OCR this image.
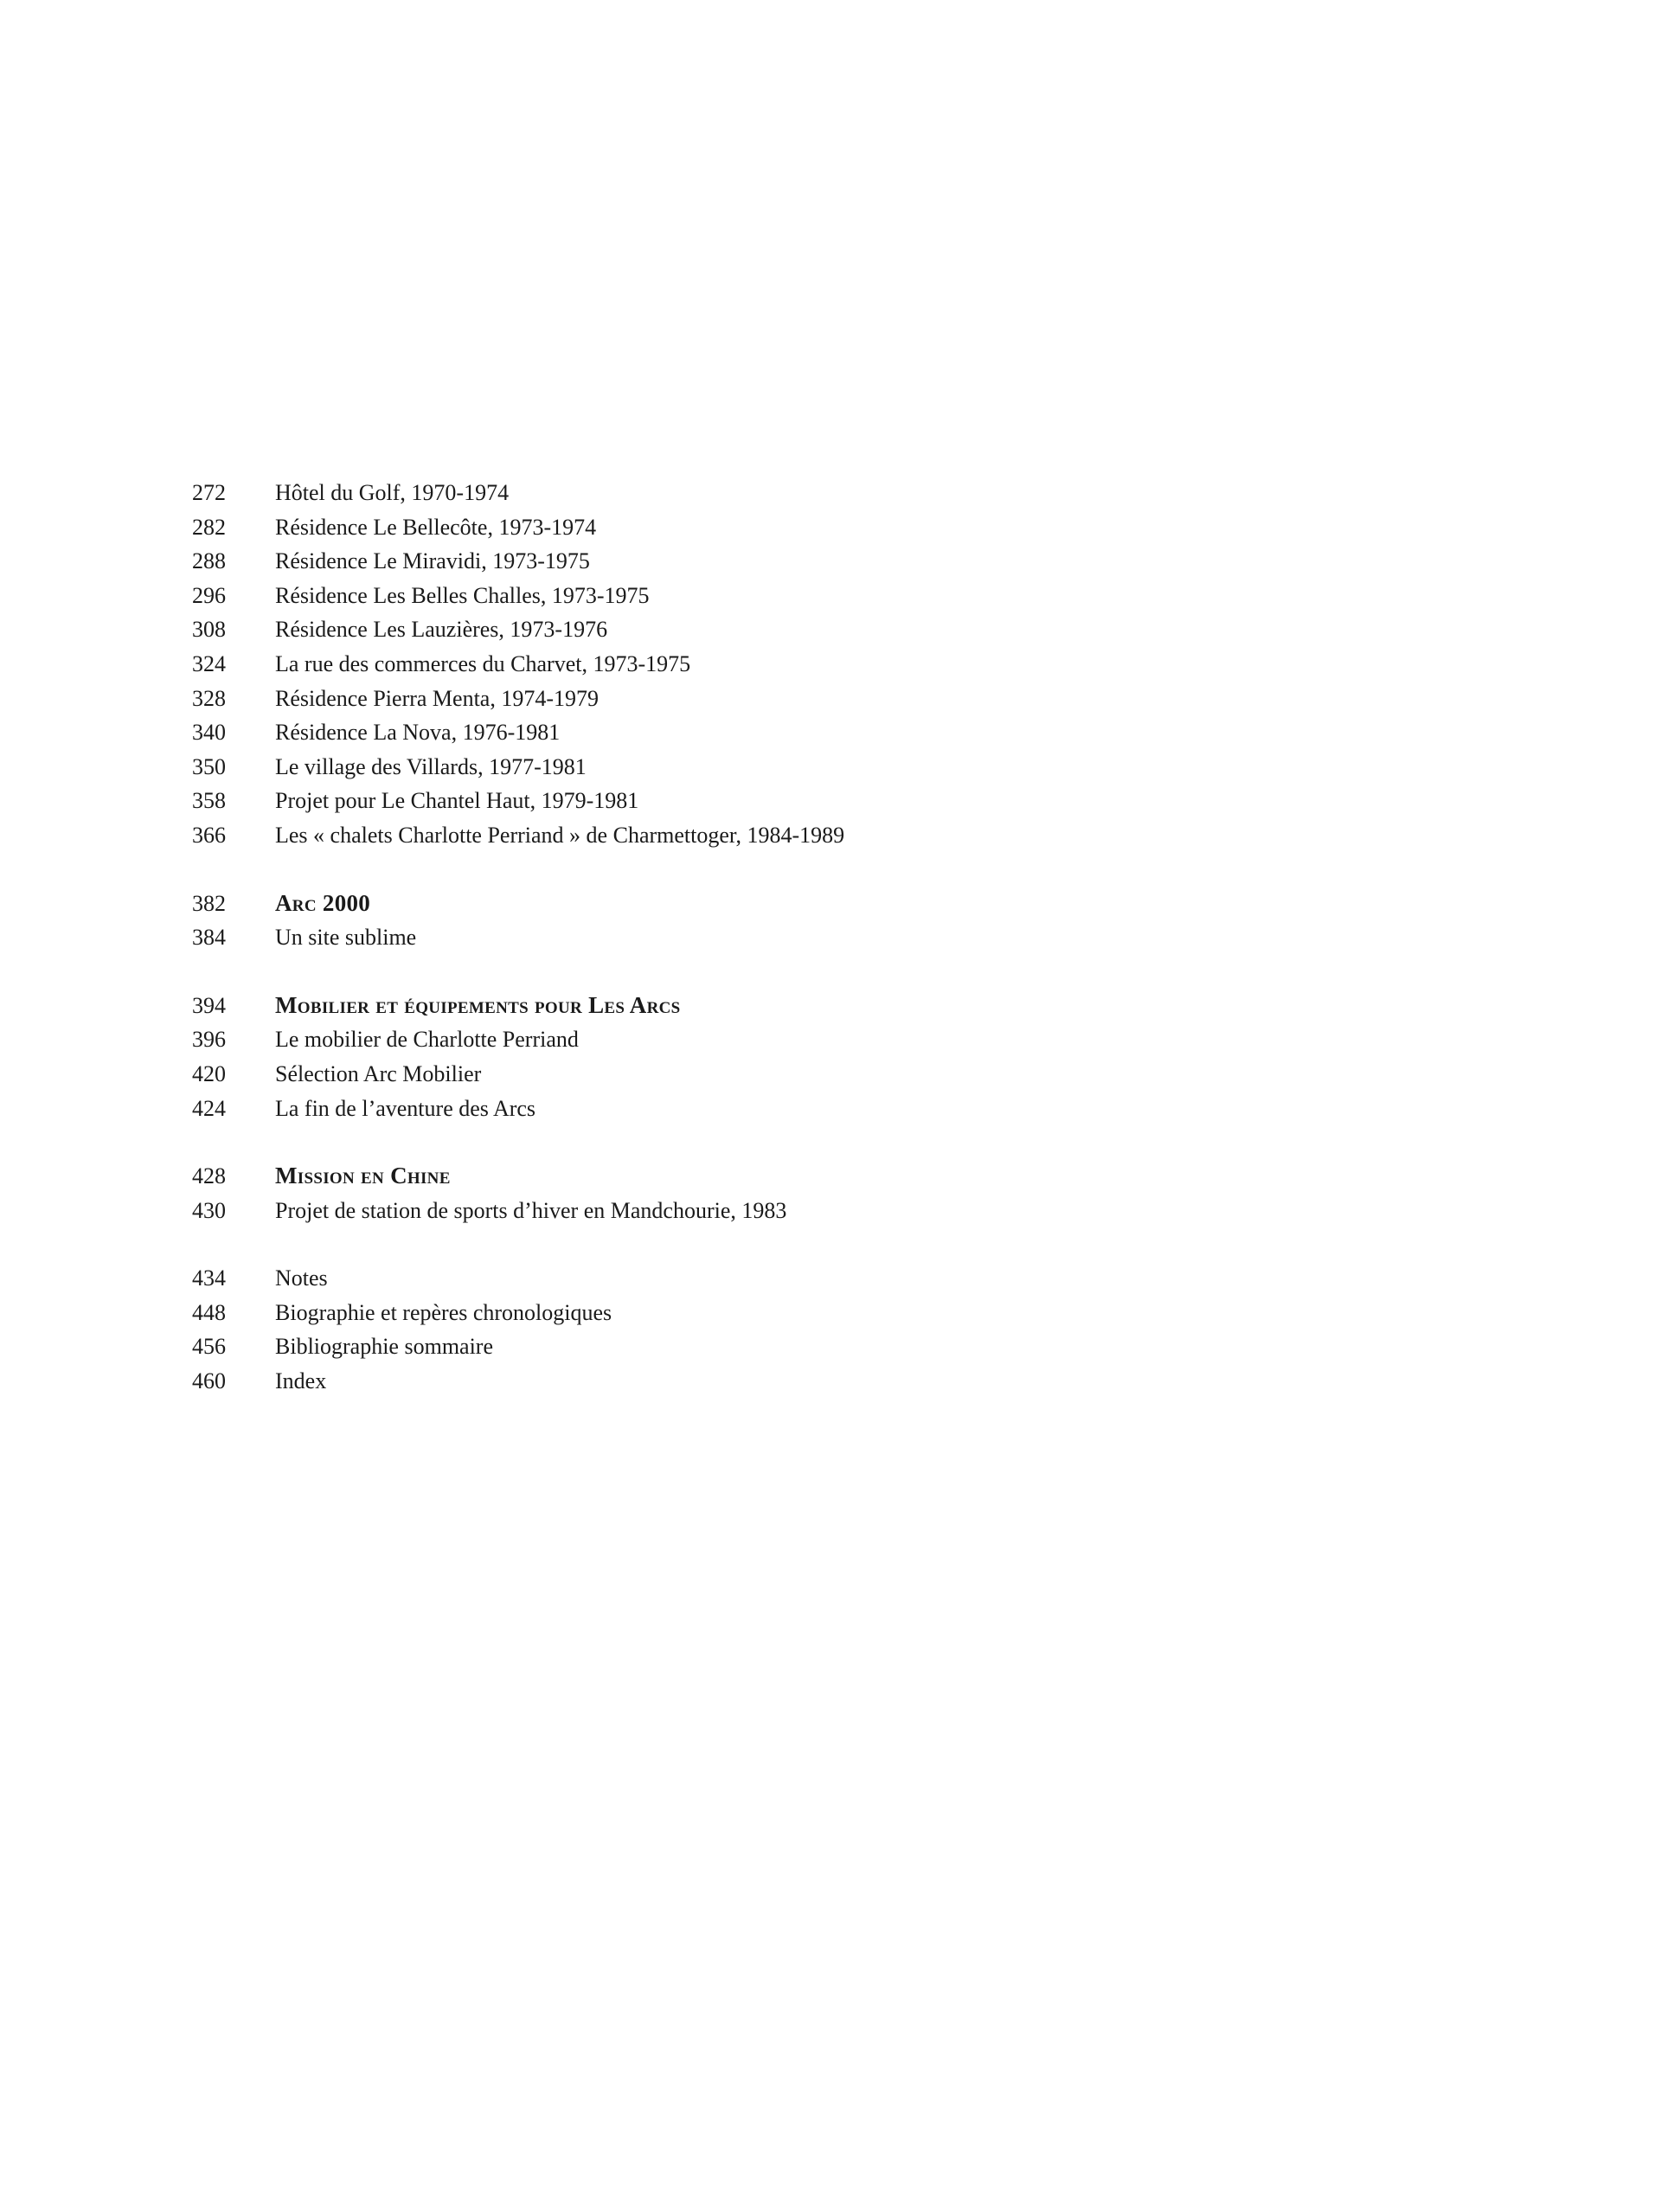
272	Hôtel du Golf, 1970-1974
282	Résidence Le Bellecôte, 1973-1974
288	Résidence Le Miravidi, 1973-1975
296	Résidence Les Belles Challes, 1973-1975
308	Résidence Les Lauzières, 1973-1976
324	La rue des commerces du Charvet, 1973-1975
328	Résidence Pierra Menta, 1974-1979
340	Résidence La Nova, 1976-1981
350	Le village des Villards, 1977-1981
358	Projet pour Le Chantel Haut, 1979-1981
366	Les « chalets Charlotte Perriand » de Charmettoger, 1984-1989
382	Arc 2000
384	Un site sublime
394	Mobilier et équipements pour Les Arcs
396	Le mobilier de Charlotte Perriand
420	Sélection Arc Mobilier
424	La fin de l’aventure des Arcs
428	Mission en Chine
430	Projet de station de sports d’hiver en Mandchourie, 1983
434	Notes
448	Biographie et repères chronologiques
456	Bibliographie sommaire
460	Index
